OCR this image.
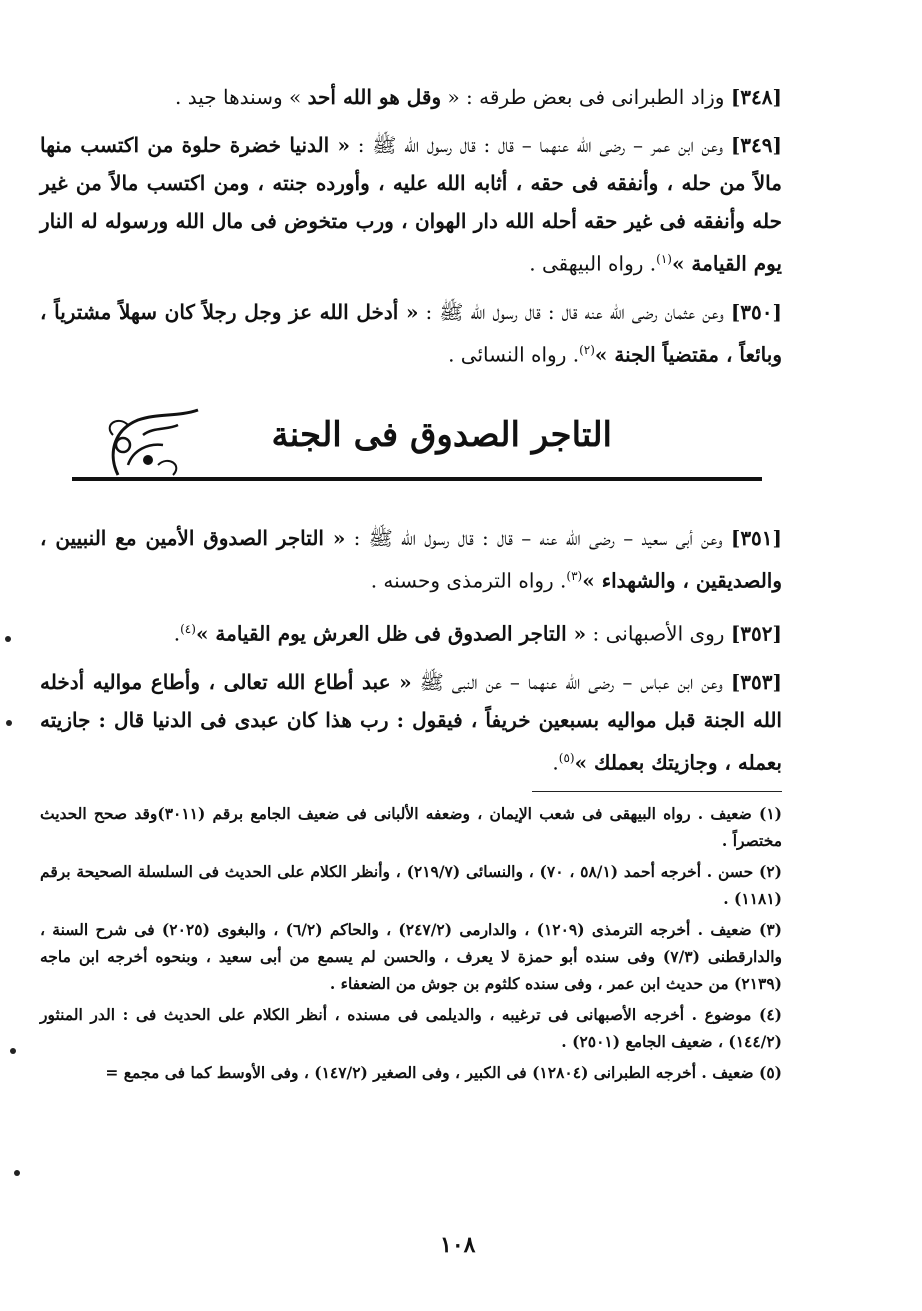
[٣٤٨] وزاد الطبرانى فى بعض طرقه : « وقل هو الله أحد » وسندها جيد .

[٣٤٩] وعن ابن عمر – رضى الله عنهما – قال : قال رسول الله ﷺ : « الدنيا خضرة حلوة من اكتسب منها مالاً من حله ، وأنفقه فى حقه ، أثابه الله عليه ، وأورده جنته ، ومن اكتسب مالاً من غير حله وأنفقه فى غير حقه أحله الله دار الهوان ، ورب متخوض فى مال الله ورسوله له النار يوم القيامة »$^{(١)}$. رواه البيهقى .

[٣٥٠] وعن عثمان رضى الله عنه قال : قال رسول الله ﷺ : « أدخل الله عز وجل رجلاً كان سهلاً مشترياً ، وبائعاً ، مقتضياً الجنة »$^{(٢)}$. رواه النسائى .

التاجر الصدوق فى الجنة

[٣٥١] وعن أبى سعيد – رضى الله عنه – قال : قال رسول الله ﷺ : « التاجر الصدوق الأمين مع النبيين ، والصديقين ، والشهداء »$^{(٣)}$. رواه الترمذى وحسنه .

[٣٥٢] روى الأصبهانى : « التاجر الصدوق فى ظل العرش يوم القيامة »$^{(٤)}$.

[٣٥٣] وعن ابن عباس – رضى الله عنهما – عن النبى ﷺ « عبد أطاع الله تعالى ، وأطاع مواليه أدخله الله الجنة قبل مواليه بسبعين خريفاً ، فيقول : رب هذا كان عبدى فى الدنيا قال : جازيته بعمله ، وجازيتك بعملك »$^{(٥)}$.

(١) ضعيف . رواه البيهقى فى شعب الإيمان ، وضعفه الألبانى فى ضعيف الجامع برقم (٣٠١١)وقد صحح الحديث مختصراً .

(٢) حسن . أخرجه أحمد (٥٨/١ ، ٧٠) ، والنسائى (٢١٩/٧) ، وأنظر الكلام على الحديث فى السلسلة الصحيحة برقم (١١٨١) .

(٣) ضعيف . أخرجه الترمذى (١٢٠٩) ، والدارمى (٢٤٧/٢) ، والحاكم (٦/٢) ، والبغوى (٢٠٢٥) فى شرح السنة ، والدارقطنى (٧/٣) وفى سنده أبو حمزة لا يعرف ، والحسن لم يسمع من أبى سعيد ، وبنحوه أخرجه ابن ماجه (٢١٣٩) من حديث ابن عمر ، وفى سنده كلثوم بن جوش من الضعفاء .

(٤) موضوع . أخرجه الأصبهانى فى ترغيبه ، والديلمى فى مسنده ، أنظر الكلام على الحديث فى : الدر المنثور (١٤٤/٢) ، ضعيف الجامع (٢٥٠١) .

(٥) ضعيف . أخرجه الطبرانى (١٢٨٠٤) فى الكبير ، وفى الصغير (١٤٧/٢) ، وفى الأوسط كما فى مجمع =

١٠٨
